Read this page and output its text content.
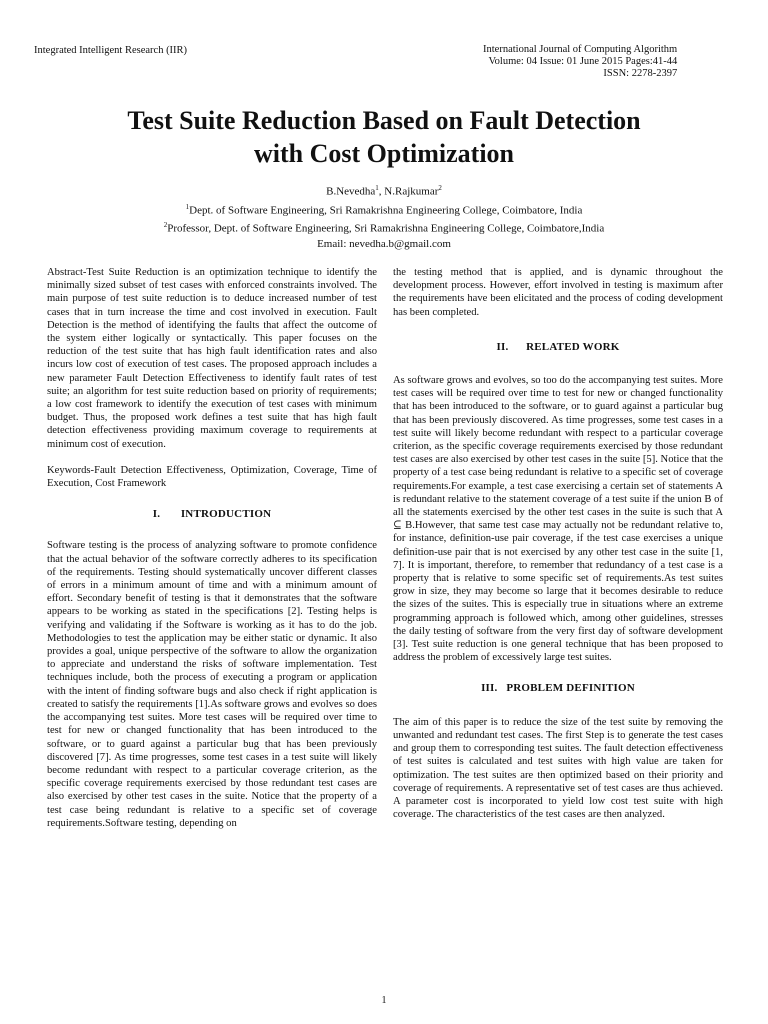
Integrated Intelligent Research (IIR)	International Journal of Computing Algorithm
Volume: 04 Issue: 01 June 2015 Pages:41-44
ISSN: 2278-2397
Test Suite Reduction Based on Fault Detection
with Cost Optimization
B.Nevedha$^1$, N.Rajkumar$^2$
$^1$Dept. of Software Engineering, Sri Ramakrishna Engineering College, Coimbatore, India
$^2$Professor, Dept. of Software Engineering, Sri Ramakrishna Engineering College, Coimbatore,India
Email: nevedha.b@gmail.com

Abstract-Test Suite Reduction is an optimization technique to identify the minimally sized subset of test cases with enforced constraints involved. The main purpose of test suite reduction is to deduce increased number of test cases that in turn increase the time and cost involved in execution. Fault Detection is the method of identifying the faults that affect the outcome of the system either logically or syntactically. This paper focuses on the reduction of the test suite that has high fault identification rates and also incurs low cost of execution of test cases. The proposed approach includes a new parameter Fault Detection Effectiveness to identify fault rates of test suite; an algorithm for test suite reduction based on priority of requirements; a low cost framework to identify the execution of test cases with minimum budget. Thus, the proposed work defines a test suite that has high fault detection effectiveness providing maximum coverage to requirements at minimum cost of execution.

Keywords-Fault Detection Effectiveness, Optimization, Coverage, Time of Execution, Cost Framework

I.       INTRODUCTION

Software testing is the process of analyzing software to promote confidence that the actual behavior of the software correctly adheres to its specification of the requirements. Testing should systematically uncover different classes of errors in a minimum amount of time and with a minimum amount of effort. Secondary benefit of testing is that it demonstrates that the software appears to be working as stated in the specifications [2]. Testing helps is verifying and validating if the Software is working as it has to do the job. Methodologies to test the application may be either static or dynamic. It also provides a goal, unique perspective of the software to allow the organization to appreciate and understand the risks of software implementation. Test techniques include, both the process of executing a program or application with the intent of finding software bugs and also check if right application is created to satisfy the requirements [1].As software grows and evolves so does the accompanying test suites. More test cases will be required over time to test for new or changed functionality that has been introduced to the software, or to guard against a particular bug that has been previously discovered [7]. As time progresses, some test cases in a test suite will likely become redundant with respect to a particular coverage criterion, as the specific coverage requirements exercised by those redundant test cases are also exercised by other test cases in the suite. Notice that the property of a test case being redundant is relative to a specific set of coverage requirements.Software testing, depending on

the testing method that is applied, and is dynamic throughout the development process. However, effort involved in testing is maximum after the requirements have been elicitated and the process of coding development has been completed.

II.      RELATED WORK

As software grows and evolves, so too do the accompanying test suites. More test cases will be required over time to test for new or changed functionality that has been introduced to the software, or to guard against a particular bug that has been previously discovered. As time progresses, some test cases in a test suite will likely become redundant with respect to a particular coverage criterion, as the specific coverage requirements exercised by those redundant test cases are also exercised by other test cases in the suite [5]. Notice that the property of a test case being redundant is relative to a specific set of coverage requirements.For example, a test case exercising a certain set of statements A is redundant relative to the statement coverage of a test suite if the union B of all the statements exercised by the other test cases in the suite is such that A ⊆ B.However, that same test case may actually not be redundant relative to, for instance, definition-use pair coverage, if the test case exercises a unique definition-use pair that is not exercised by any other test case in the suite [1, 7]. It is important, therefore, to remember that redundancy of a test case is a property that is relative to some specific set of requirements.As test suites grow in size, they may become so large that it becomes desirable to reduce the sizes of the suites. This is especially true in situations where an extreme programming approach is followed which, among other guidelines, stresses the daily testing of software from the very first day of software development [3]. Test suite reduction is one general technique that has been proposed to address the problem of excessively large test suites.

III.   PROBLEM DEFINITION

The aim of this paper is to reduce the size of the test suite by removing the unwanted and redundant test cases. The first Step is to generate the test cases and group them to corresponding test suites. The fault detection effectiveness of test suites is calculated and test suites with high value are taken for optimization. The test suites are then optimized based on their priority and coverage of requirements. A representative set of test cases are thus achieved. A parameter cost is incorporated to yield low cost test suite with high coverage. The characteristics of the test cases are then analyzed.

1
